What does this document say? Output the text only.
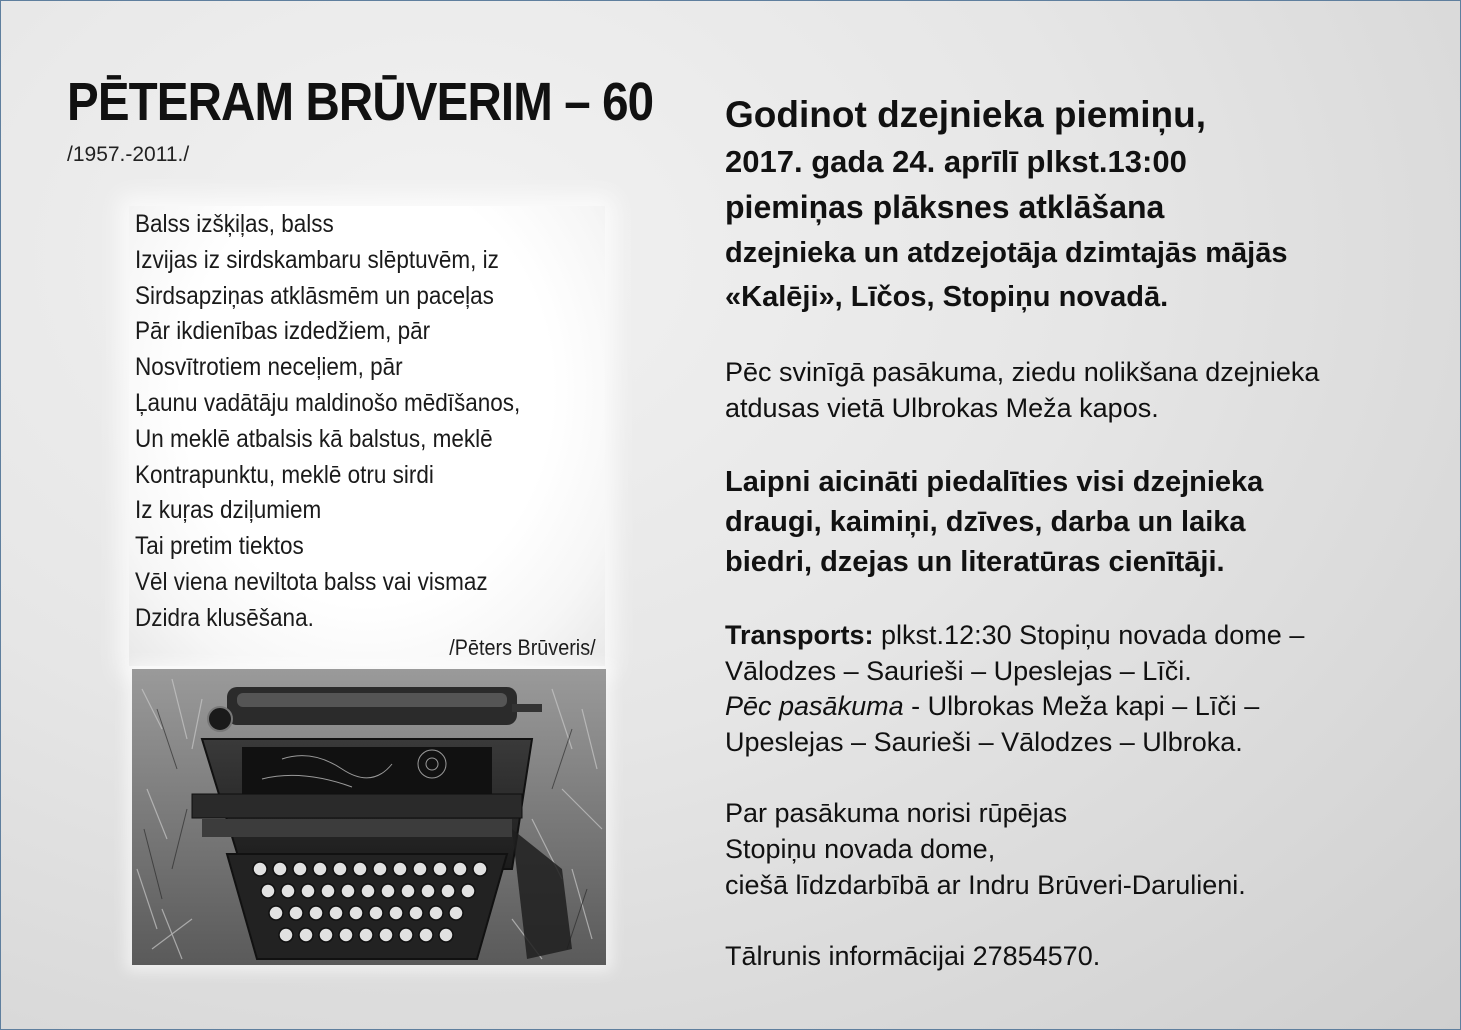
PĒTERAM BRŪVERIM – 60
/1957.-2011./
Balss izšķiļas, balss
Izvijas iz sirdskambaru slēptuvēm, iz
Sirdsapziņas atklāsmēm un paceļas
Pār ikdienības izdedžiem, pār
Nosvītrotiem neceļiem, pār
Ļaunu vadātāju maldinošo mēdīšanos,
Un meklē atbalsis kā balstus, meklē
Kontrapunktu, meklē otru sirdi
Iz kuŗas dziļumiem
Tai pretim tiektos
Vēl viena neviltota balss vai vismaz
Dzidra klusēšana.
/Pēters Brūveris/
Godinot dzejnieka piemiņu,
2017. gada 24. aprīlī plkst.13:00
piemiņas plāksnes atklāšana
dzejnieka un atdzejotāja dzimtajās mājās
«Kalēji», Līčos, Stopiņu novadā.
Pēc svinīgā pasākuma, ziedu nolikšana dzejnieka
atdusas vietā Ulbrokas Meža kapos.
Laipni aicināti piedalīties visi dzejnieka
draugi, kaimiņi, dzīves, darba un laika
biedri, dzejas un literatūras cienītāji.
Transports: plkst.12:30 Stopiņu novada dome –
Vālodzes – Saurieši – Upeslejas – Līči.
Pēc pasākuma - Ulbrokas Meža kapi – Līči –
Upeslejas – Saurieši – Vālodzes – Ulbroka.
Par pasākuma norisi rūpējas
Stopiņu novada dome,
ciešā līdzdarbībā ar Indru Brūveri-Darulieni.
Tālrunis informācijai 27854570.
